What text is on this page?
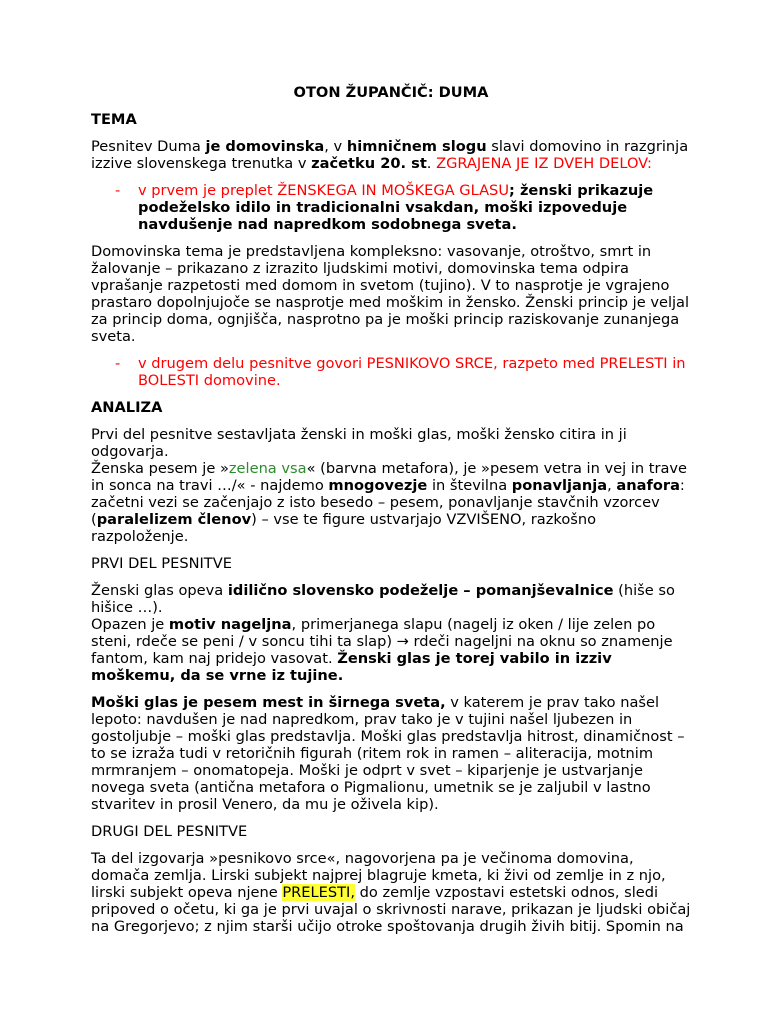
OTON ŽUPANČIČ: DUMA

TEMA

Pesnitev Duma je domovinska, v himničnem slogu slavi domovino in razgrinja izzive slovenskega trenutka v začetku 20. st. ZGRAJENA JE IZ DVEH DELOV:

- v prvem je preplet ŽENSKEGA IN MOŠKEGA GLASU; ženski prikazuje podeželsko idilo in tradicionalni vsakdan, moški izpoveduje navdušenje nad napredkom sodobnega sveta.

Domovinska tema je predstavljena kompleksno: vasovanje, otroštvo, smrt in žalovanje – prikazano z izrazito ljudskimi motivi, domovinska tema odpira vprašanje razpetosti med domom in svetom (tujino). V to nasprotje je vgrajeno prastaro dopolnjujoče se nasprotje med moškim in žensko. Ženski princip je veljal za princip doma, ognjišča, nasprotno pa je moški princip raziskovanje zunanjega sveta.

- v drugem delu pesnitve govori PESNIKOVO SRCE, razpeto med PRELESTI in BOLESTI domovine.

ANALIZA

Prvi del pesnitve sestavljata ženski in moški glas, moški žensko citira in ji odgovarja.

Ženska pesem je »zelena vsa« (barvna metafora), je »pesem vetra in vej in trave in sonca na travi …/« - najdemo mnogovezje in številna ponavljanja, anafora: začetni vezi se začenjajo z isto besedo – pesem, ponavljanje stavčnih vzorcev (paralelizem členov) – vse te figure ustvarjajo VZVIŠENO, razkošno razpoloženje.

PRVI DEL PESNITVE

Ženski glas opeva idilično slovensko podeželje – pomanjševalnice (hiše so hišice …).

Opazen je motiv nageljna, primerjanega slapu (nagelj iz oken / lije zelen po steni, rdeče se peni / v soncu tihi ta slap) → rdeči nageljni na oknu so znamenje fantom, kam naj pridejo vasovat. Ženski glas je torej vabilo in izziv moškemu, da se vrne iz tujine.

Moški glas je pesem mest in širnega sveta, v katerem je prav tako našel lepoto: navdušen je nad napredkom, prav tako je v tujini našel ljubezen in gostoljubje – moški glas predstavlja. Moški glas predstavlja hitrost, dinamičnost – to se izraža tudi v retoričnih figurah (ritem rok in ramen – aliteracija, motnim mrmranjem – onomatopeja. Moški je odprt v svet – kiparjenje je ustvarjanje novega sveta (antična metafora o Pigmalionu, umetnik se je zaljubil v lastno stvaritev in prosil Venero, da mu je oživela kip).

DRUGI DEL PESNITVE

Ta del izgovarja »pesnikovo srce«, nagovorjena pa je večinoma domovina, domača zemlja. Lirski subjekt najprej blagruje kmeta, ki živi od zemlje in z njo, lirski subjekt opeva njene PRELESTI, do zemlje vzpostavi estetski odnos, sledi pripoved o očetu, ki ga je prvi uvajal o skrivnosti narave, prikazan je ljudski običaj na Gregorjevo; z njim starši učijo otroke spoštovanja drugih živih bitij. Spomin na
